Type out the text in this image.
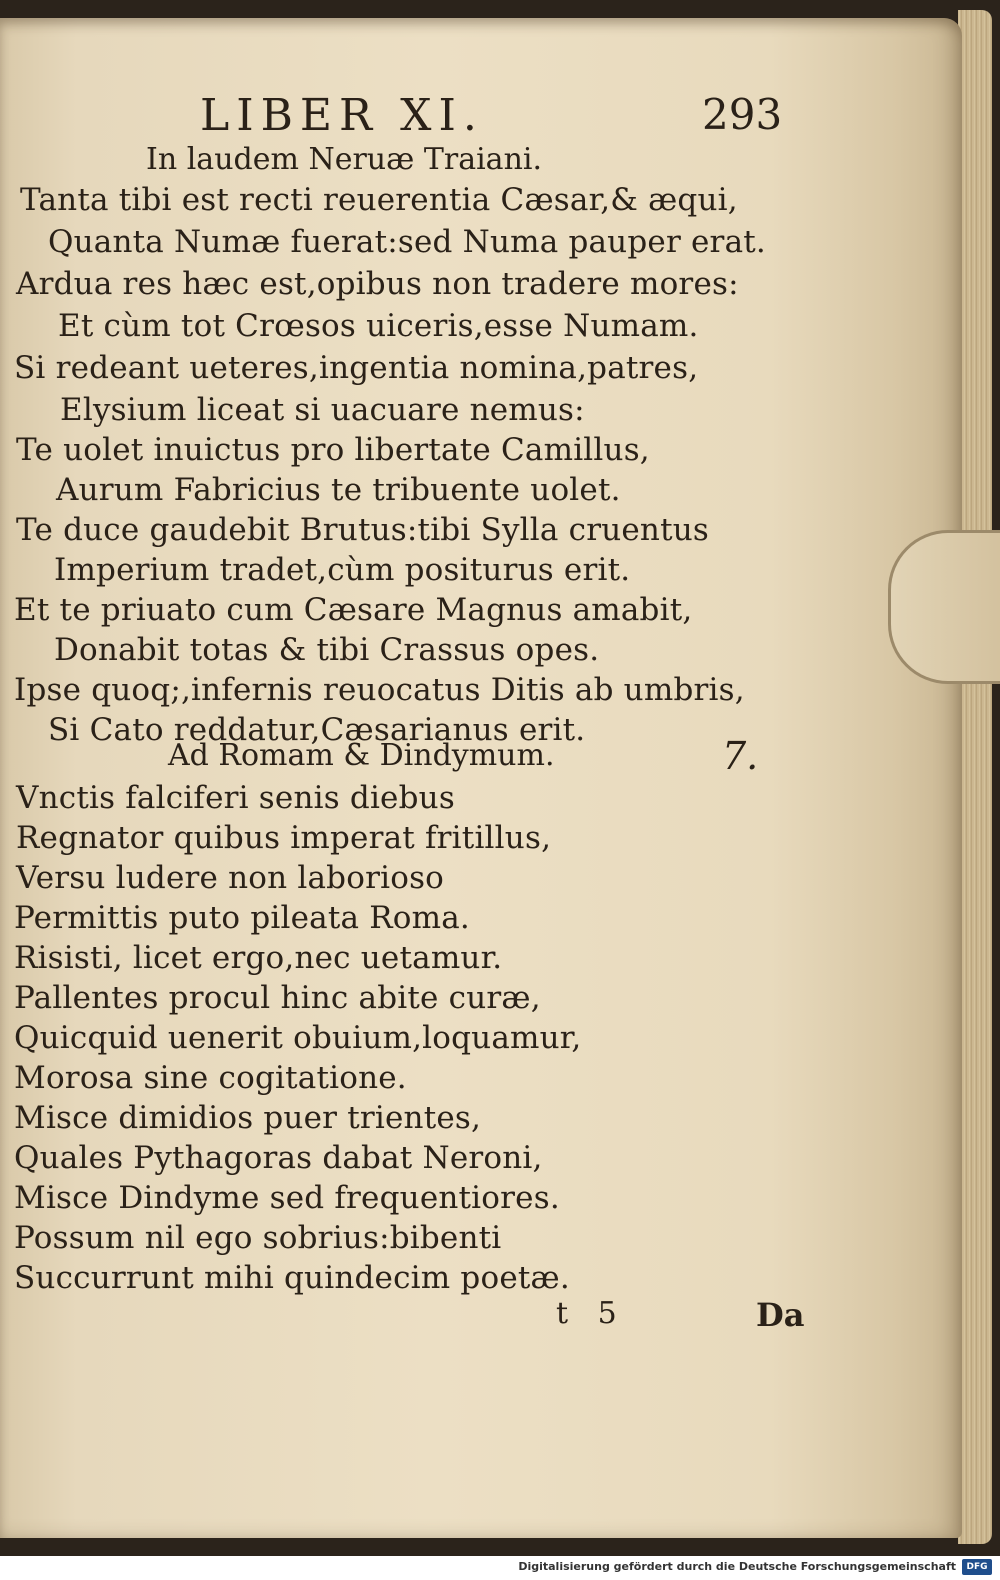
LIBER XI.	293
In laudem Neruæ Traiani.
Tanta tibi est recti reuerentia Cæsar,& æqui,
Quanta Numæ fuerat:sed Numa pauper erat.
Ardua res hæc est,opibus non tradere mores:
Et cùm tot Crœsos uiceris,esse Numam.
Si redeant ueteres,ingentia nomina,patres,
Elysium liceat si uacuare nemus:
Te uolet inuictus pro libertate Camillus,
Aurum Fabricius te tribuente uolet.
Te duce gaudebit Brutus:tibi Sylla cruentus
Imperium tradet,cùm positurus erit.
Et te priuato cum Cæsare Magnus amabit,
Donabit totas & tibi Crassus opes.
Ipse quoq;,infernis reuocatus Ditis ab umbris,
Si Cato reddatur,Cæsarianus erit.
Ad Romam & Dindymum.	7.
Vnctis falciferi senis diebus
Regnator quibus imperat fritillus,
Versu ludere non laborioso
Permittis puto pileata Roma.
Risisti, licet ergo,nec uetamur.
Pallentes procul hinc abite curæ,
Quicquid uenerit obuium,loquamur,
Morosa sine cogitatione.
Misce dimidios puer trientes,
Quales Pythagoras dabat Neroni,
Misce Dindyme sed frequentiores.
Possum nil ego sobrius:bibenti
Succurrunt mihi quindecim poetæ.
t 5	Da
Digitalisierung gefördert durch die Deutsche Forschungsgemeinschaft	DFG
